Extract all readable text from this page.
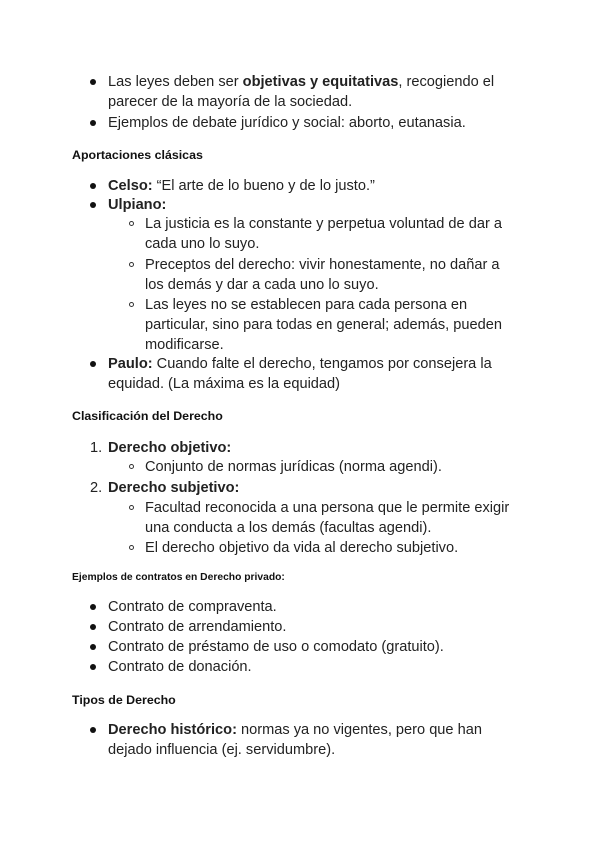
Las leyes deben ser objetivas y equitativas, recogiendo el
parecer de la mayoría de la sociedad.
Ejemplos de debate jurídico y social: aborto, eutanasia.
Aportaciones clásicas
Celso: “El arte de lo bueno y de lo justo.”
Ulpiano:
La justicia es la constante y perpetua voluntad de dar a
cada uno lo suyo.
Preceptos del derecho: vivir honestamente, no dañar a
los demás y dar a cada uno lo suyo.
Las leyes no se establecen para cada persona en
particular, sino para todas en general; además, pueden
modificarse.
Paulo: Cuando falte el derecho, tengamos por consejera la
equidad. (La máxima es la equidad)
Clasificación del Derecho
1. Derecho objetivo:
Conjunto de normas jurídicas (norma agendi).
2. Derecho subjetivo:
Facultad reconocida a una persona que le permite exigir
una conducta a los demás (facultas agendi).
El derecho objetivo da vida al derecho subjetivo.
Ejemplos de contratos en Derecho privado:
Contrato de compraventa.
Contrato de arrendamiento.
Contrato de préstamo de uso o comodato (gratuito).
Contrato de donación.
Tipos de Derecho
Derecho histórico: normas ya no vigentes, pero que han
dejado influencia (ej. servidumbre).
